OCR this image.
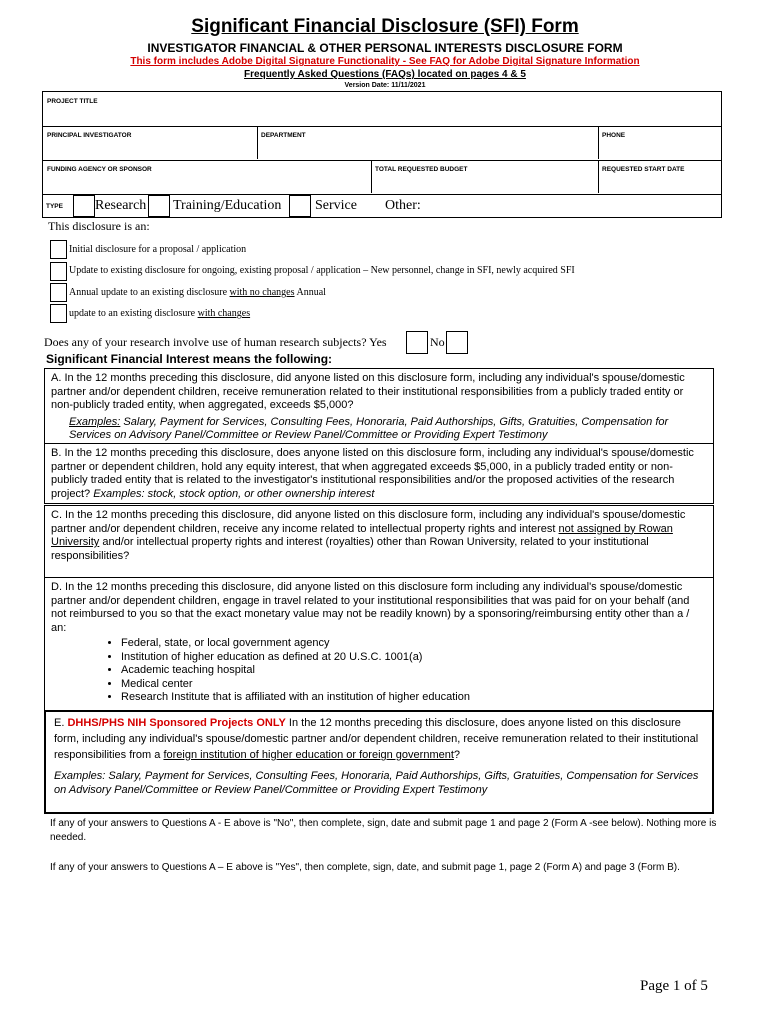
Significant Financial Disclosure (SFI) Form
INVESTIGATOR FINANCIAL & OTHER PERSONAL INTERESTS DISCLOSURE FORM
This form includes Adobe Digital Signature Functionality - See FAQ for Adobe Digital Signature Information
Frequently Asked Questions (FAQs) located on pages 4 & 5
Version Date: 11/11/2021
PROJECT TITLE
PRINCIPAL INVESTIGATOR	DEPARTMENT	PHONE
FUNDING AGENCY OR SPONSOR	TOTAL REQUESTED BUDGET	REQUESTED START DATE
TYPE Research Training/Education Service Other:
This disclosure is an:
Initial disclosure for a proposal / application
Update to existing disclosure for ongoing, existing proposal / application – New personnel, change in SFI, newly acquired SFI
Annual update to an existing disclosure with no changes Annual
update to an existing disclosure with changes
Does any of your research involve use of human research subjects? Yes	No
Significant Financial Interest means the following:
A. In the 12 months preceding this disclosure, did anyone listed on this disclosure form, including any individual's spouse/domestic partner and/or dependent children, receive remuneration related to their institutional responsibilities from a publicly traded entity or non-publicly traded entity, when aggregated, exceeds $5,000?
Examples: Salary, Payment for Services, Consulting Fees, Honoraria, Paid Authorships, Gifts, Gratuities, Compensation for Services on Advisory Panel/Committee or Review Panel/Committee or Providing Expert Testimony
B. In the 12 months preceding this disclosure, does anyone listed on this disclosure form, including any individual's spouse/domestic partner or dependent children, hold any equity interest, that when aggregated exceeds $5,000, in a publicly traded entity or non-publicly traded entity that is related to the investigator's institutional responsibilities and/or the proposed activities of the research project? Examples: stock, stock option, or other ownership interest
C. In the 12 months preceding this disclosure, did anyone listed on this disclosure form, including any individual's spouse/domestic partner and/or dependent children, receive any income related to intellectual property rights and interest not assigned by Rowan University and/or intellectual property rights and interest (royalties) other than Rowan University, related to your institutional responsibilities?
D. In the 12 months preceding this disclosure, did anyone listed on this disclosure form including any individual's spouse/domestic partner and/or dependent children, engage in travel related to your institutional responsibilities that was paid for on your behalf (and not reimbursed to you so that the exact monetary value may not be readily known) by a sponsoring/reimbursing entity other than a / an:
• Federal, state, or local government agency
• Institution of higher education as defined at 20 U.S.C. 1001(a)
• Academic teaching hospital
• Medical center
• Research Institute that is affiliated with an institution of higher education
E. DHHS/PHS NIH Sponsored Projects ONLY In the 12 months preceding this disclosure, does anyone listed on this disclosure form, including any individual's spouse/domestic partner and/or dependent children, receive remuneration related to their institutional responsibilities from a foreign institution of higher education or foreign government?
Examples: Salary, Payment for Services, Consulting Fees, Honoraria, Paid Authorships, Gifts, Gratuities, Compensation for Services on Advisory Panel/Committee or Review Panel/Committee or Providing Expert Testimony
If any of your answers to Questions A - E above is "No", then complete, sign, date and submit page 1 and page 2 (Form A -see below). Nothing more is needed.
If any of your answers to Questions A – E above is "Yes", then complete, sign, date, and submit page 1, page 2 (Form A) and page 3 (Form B).
Page 1 of 5
